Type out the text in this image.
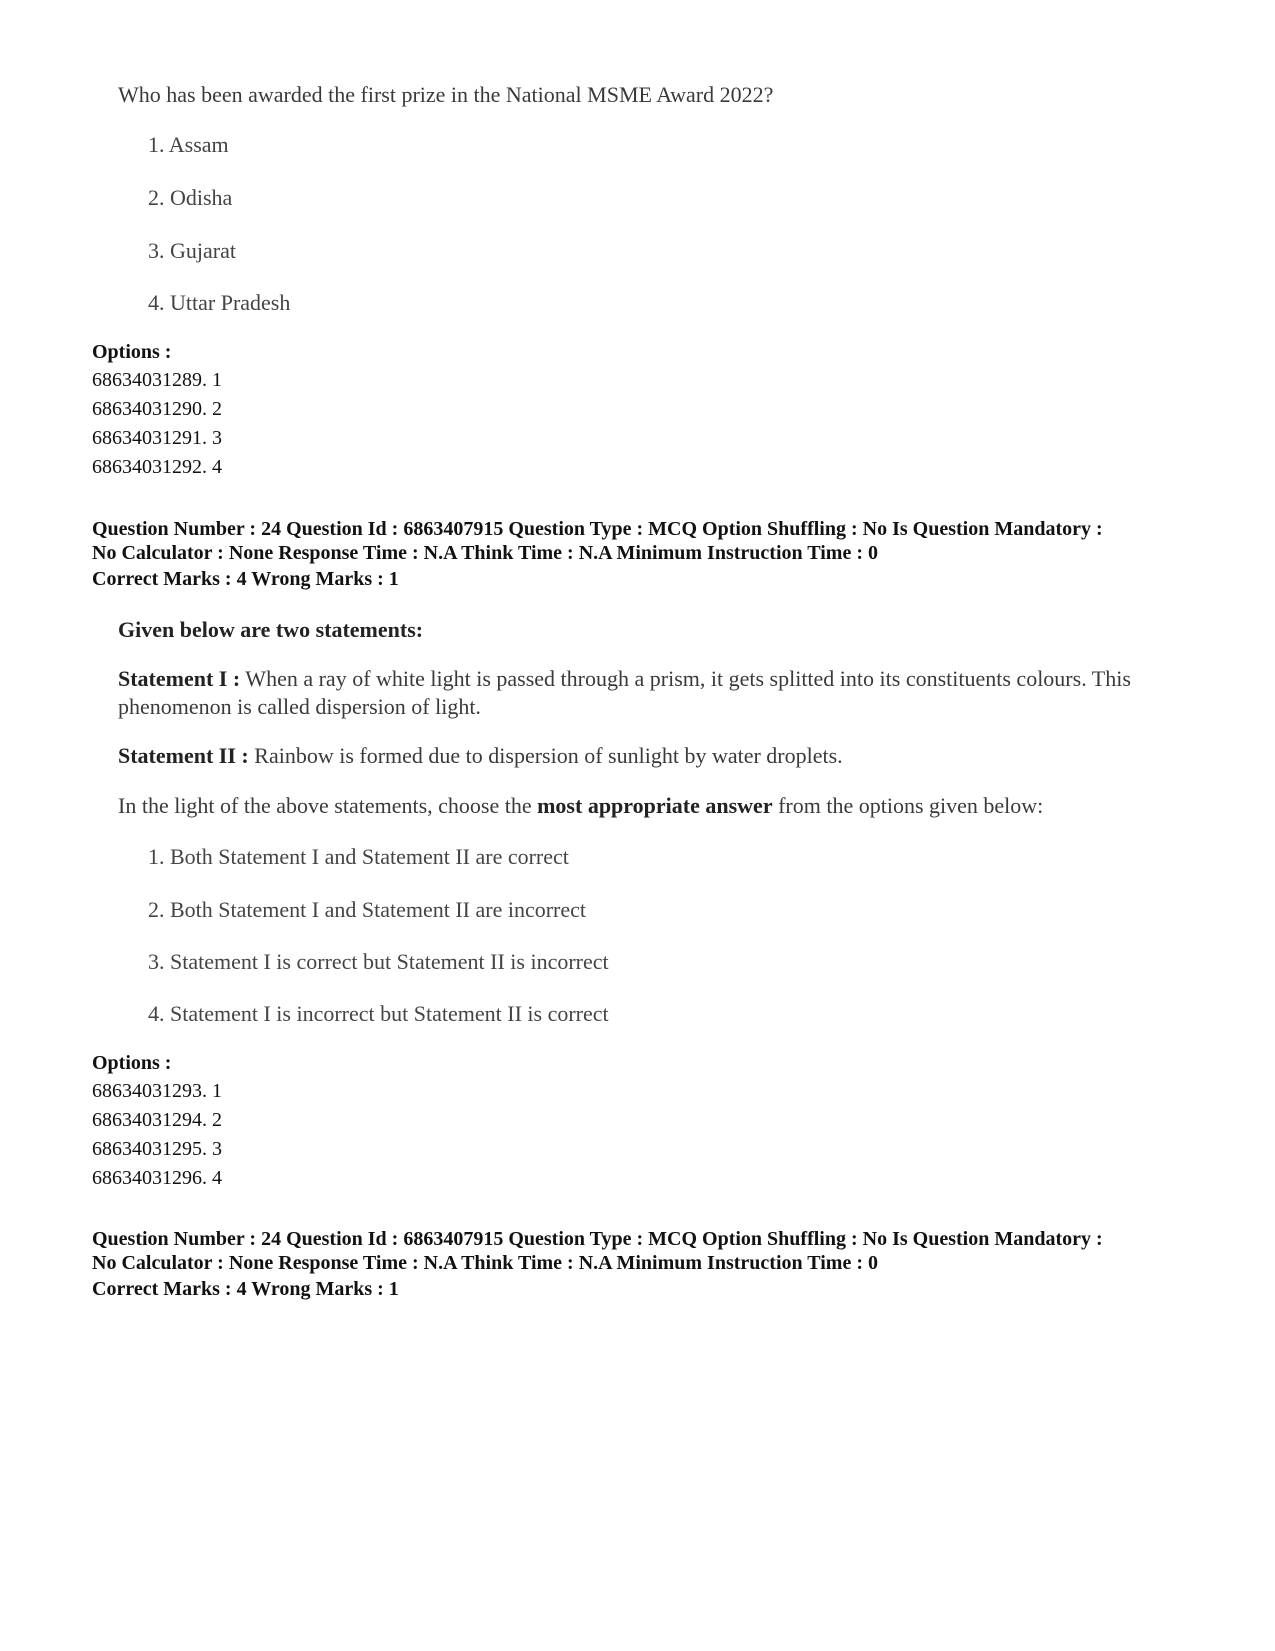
Who has been awarded the first prize in the National MSME Award 2022?

1. Assam
2. Odisha
3. Gujarat
4. Uttar Pradesh
Options :
68634031289. 1
68634031290. 2
68634031291. 3
68634031292. 4
Question Number : 24 Question Id : 6863407915 Question Type : MCQ Option Shuffling : No Is Question Mandatory :
No Calculator : None Response Time : N.A Think Time : N.A Minimum Instruction Time : 0
Correct Marks : 4 Wrong Marks : 1
Given below are two statements:
Statement I : When a ray of white light is passed through a prism, it gets splitted into its constituents colours. This phenomenon is called dispersion of light.
Statement II : Rainbow is formed due to dispersion of sunlight by water droplets.
In the light of the above statements, choose the most appropriate answer from the options given below:
1. Both Statement I and Statement II are correct
2. Both Statement I and Statement II are incorrect
3. Statement I is correct but Statement II is incorrect
4. Statement I is incorrect but Statement II is correct
Options :
68634031293. 1
68634031294. 2
68634031295. 3
68634031296. 4
Question Number : 24 Question Id : 6863407915 Question Type : MCQ Option Shuffling : No Is Question Mandatory :
No Calculator : None Response Time : N.A Think Time : N.A Minimum Instruction Time : 0
Correct Marks : 4 Wrong Marks : 1
